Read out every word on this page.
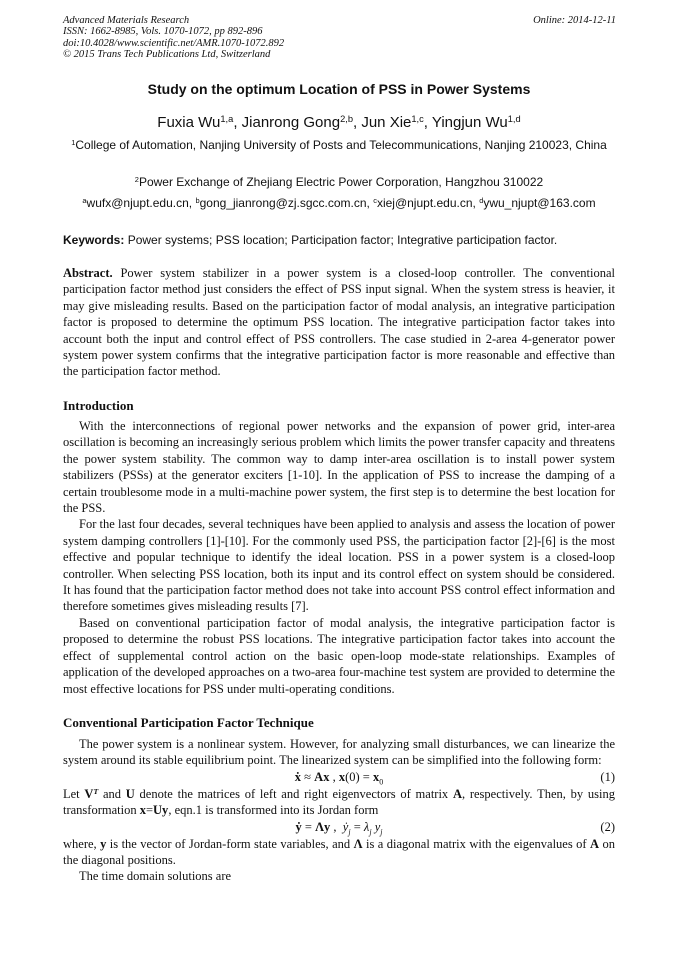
Advanced Materials Research
ISSN: 1662-8985, Vols. 1070-1072, pp 892-896
doi:10.4028/www.scientific.net/AMR.1070-1072.892
© 2015 Trans Tech Publications Ltd, Switzerland
Online: 2014-12-11
Study on the optimum Location of PSS in Power Systems
Fuxia Wu$^{1,a}$, Jianrong Gong$^{2,b}$, Jun Xie$^{1,c}$, Yingjun Wu$^{1,d}$
$^1$College of Automation, Nanjing University of Posts and Telecommunications, Nanjing 210023, China
$^2$Power Exchange of Zhejiang Electric Power Corporation, Hangzhou 310022
$^a$wufx@njupt.edu.cn, $^b$gong_jianrong@zj.sgcc.com.cn, $^c$xiej@njupt.edu.cn, $^d$ywu_njupt@163.com
Keywords: Power systems; PSS location; Participation factor; Integrative participation factor.

Abstract. Power system stabilizer in a power system is a closed-loop controller. The conventional participation factor method just considers the effect of PSS input signal. When the system stress is heavier, it may give misleading results. Based on the participation factor of modal analysis, an integrative participation factor is proposed to determine the optimum PSS location. The integrative participation factor takes into account both the input and control effect of PSS controllers. The case studied in 2-area 4-generator power system power system confirms that the integrative participation factor is more reasonable and effective than the participation factor method.

Introduction

With the interconnections of regional power networks and the expansion of power grid, inter-area oscillation is becoming an increasingly serious problem which limits the power transfer capacity and threatens the power system stability. The common way to damp inter-area oscillation is to install power system stabilizers (PSSs) at the generator exciters [1-10]. In the application of PSS to increase the damping of a certain troublesome mode in a multi-machine power system, the first step is to determine the best location for the PSS.

For the last four decades, several techniques have been applied to analysis and assess the location of power system damping controllers [1]-[10]. For the commonly used PSS, the participation factor [2]-[6] is the most effective and popular technique to identify the ideal location. PSS in a power system is a closed-loop controller. When selecting PSS location, both its input and its control effect on system should be considered. It has found that the participation factor method does not take into account PSS control effect information and therefore sometimes gives misleading results [7].

Based on conventional participation factor of modal analysis, the integrative participation factor is proposed to determine the robust PSS locations. The integrative participation factor takes into account the effect of supplemental control action on the basic open-loop mode-state relationships. Examples of application of the developed approaches on a two-area four-machine test system are provided to determine the most effective locations for PSS under multi-operating conditions.

Conventional Participation Factor Technique

The power system is a nonlinear system. However, for analyzing small disturbances, we can linearize the system around its stable equilibrium point. The linearized system can be simplified into the following form:

ẋ ≈ Ax , $x(0) = x_0$	(1)

Let $V^T$ and U denote the matrices of left and right eigenvectors of matrix A, respectively. Then, by using transformation x=Uy, eqn.1 is transformed into its Jordan form

ẏ = Λy ,  ẏ$_j$ = $\lambda_j$ $y_j$	(2)

where, y is the vector of Jordan-form state variables, and Λ is a diagonal matrix with the eigenvalues of A on the diagonal positions.

The time domain solutions are
